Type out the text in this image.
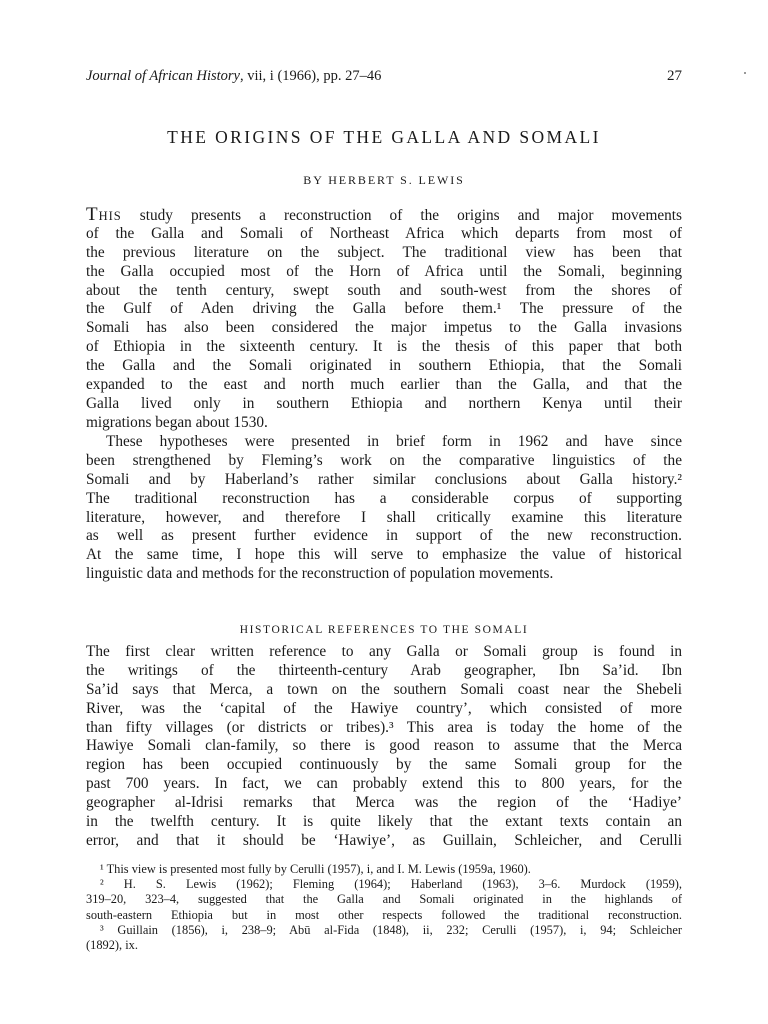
Journal of African History, vii, i (1966), pp. 27–46	27
THE ORIGINS OF THE GALLA AND SOMALI
BY HERBERT S. LEWIS
THIS study presents a reconstruction of the origins and major movements
of the Galla and Somali of Northeast Africa which departs from most of
the previous literature on the subject. The traditional view has been that
the Galla occupied most of the Horn of Africa until the Somali, beginning
about the tenth century, swept south and south-west from the shores of
the Gulf of Aden driving the Galla before them.¹ The pressure of the
Somali has also been considered the major impetus to the Galla invasions
of Ethiopia in the sixteenth century. It is the thesis of this paper that both
the Galla and the Somali originated in southern Ethiopia, that the Somali
expanded to the east and north much earlier than the Galla, and that the
Galla lived only in southern Ethiopia and northern Kenya until their
migrations began about 1530.
These hypotheses were presented in brief form in 1962 and have since
been strengthened by Fleming’s work on the comparative linguistics of the
Somali and by Haberland’s rather similar conclusions about Galla history.²
The traditional reconstruction has a considerable corpus of supporting
literature, however, and therefore I shall critically examine this literature
as well as present further evidence in support of the new reconstruction.
At the same time, I hope this will serve to emphasize the value of historical
linguistic data and methods for the reconstruction of population movements.
HISTORICAL REFERENCES TO THE SOMALI
The first clear written reference to any Galla or Somali group is found in
the writings of the thirteenth-century Arab geographer, Ibn Sa’id. Ibn
Sa’id says that Merca, a town on the southern Somali coast near the Shebeli
River, was the ‘capital of the Hawiye country’, which consisted of more
than fifty villages (or districts or tribes).³ This area is today the home of the
Hawiye Somali clan-family, so there is good reason to assume that the Merca
region has been occupied continuously by the same Somali group for the
past 700 years. In fact, we can probably extend this to 800 years, for the
geographer al-Idrisi remarks that Merca was the region of the ‘Hadiye’
in the twelfth century. It is quite likely that the extant texts contain an
error, and that it should be ‘Hawiye’, as Guillain, Schleicher, and Cerulli
¹ This view is presented most fully by Cerulli (1957), i, and I. M. Lewis (1959a, 1960).
² H. S. Lewis (1962); Fleming (1964); Haberland (1963), 3–6. Murdock (1959),
319–20, 323–4, suggested that the Galla and Somali originated in the highlands of
south-eastern Ethiopia but in most other respects followed the traditional reconstruction.
³ Guillain (1856), i, 238–9; Abū al-Fida (1848), ii, 232; Cerulli (1957), i, 94; Schleicher
(1892), ix.
